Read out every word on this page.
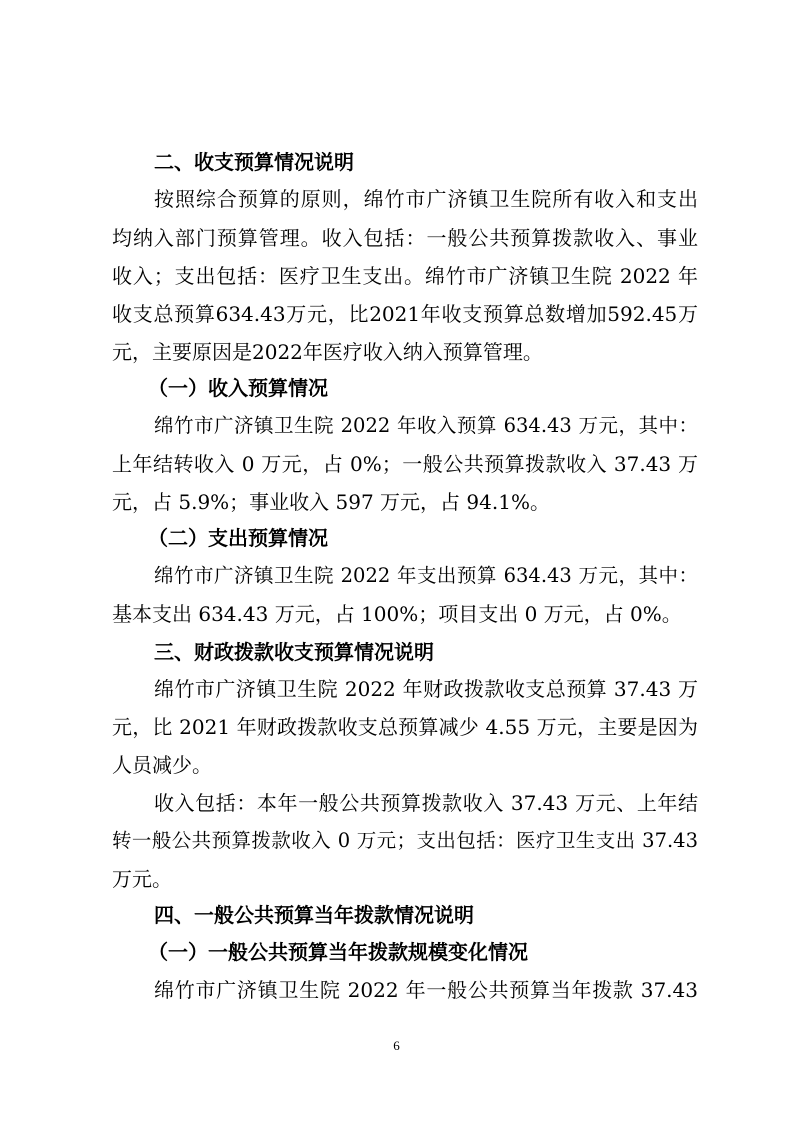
二、收支预算情况说明
按照综合预算的原则，绵竹市广济镇卫生院所有收入和支出
均纳入部门预算管理。收入包括：一般公共预算拨款收入、事业
收入；支出包括：医疗卫生支出。绵竹市广济镇卫生院 2022 年
收支总预算634.43万元，比2021年收支预算总数增加592.45万
元，主要原因是2022年医疗收入纳入预算管理。
（一）收入预算情况
绵竹市广济镇卫生院 2022 年收入预算 634.43 万元，其中：
上年结转收入 0 万元，占 0%；一般公共预算拨款收入 37.43 万
元，占 5.9%；事业收入 597 万元，占 94.1%。
（二）支出预算情况
绵竹市广济镇卫生院 2022 年支出预算 634.43 万元，其中：
基本支出 634.43 万元，占 100%；项目支出 0 万元，占 0%。
三、财政拨款收支预算情况说明
绵竹市广济镇卫生院 2022 年财政拨款收支总预算 37.43 万
元，比 2021 年财政拨款收支总预算减少 4.55 万元，主要是因为
人员减少。
收入包括：本年一般公共预算拨款收入 37.43 万元、上年结
转一般公共预算拨款收入 0 万元；支出包括：医疗卫生支出 37.43
万元。
四、一般公共预算当年拨款情况说明
（一）一般公共预算当年拨款规模变化情况
绵竹市广济镇卫生院 2022 年一般公共预算当年拨款 37.43
6
